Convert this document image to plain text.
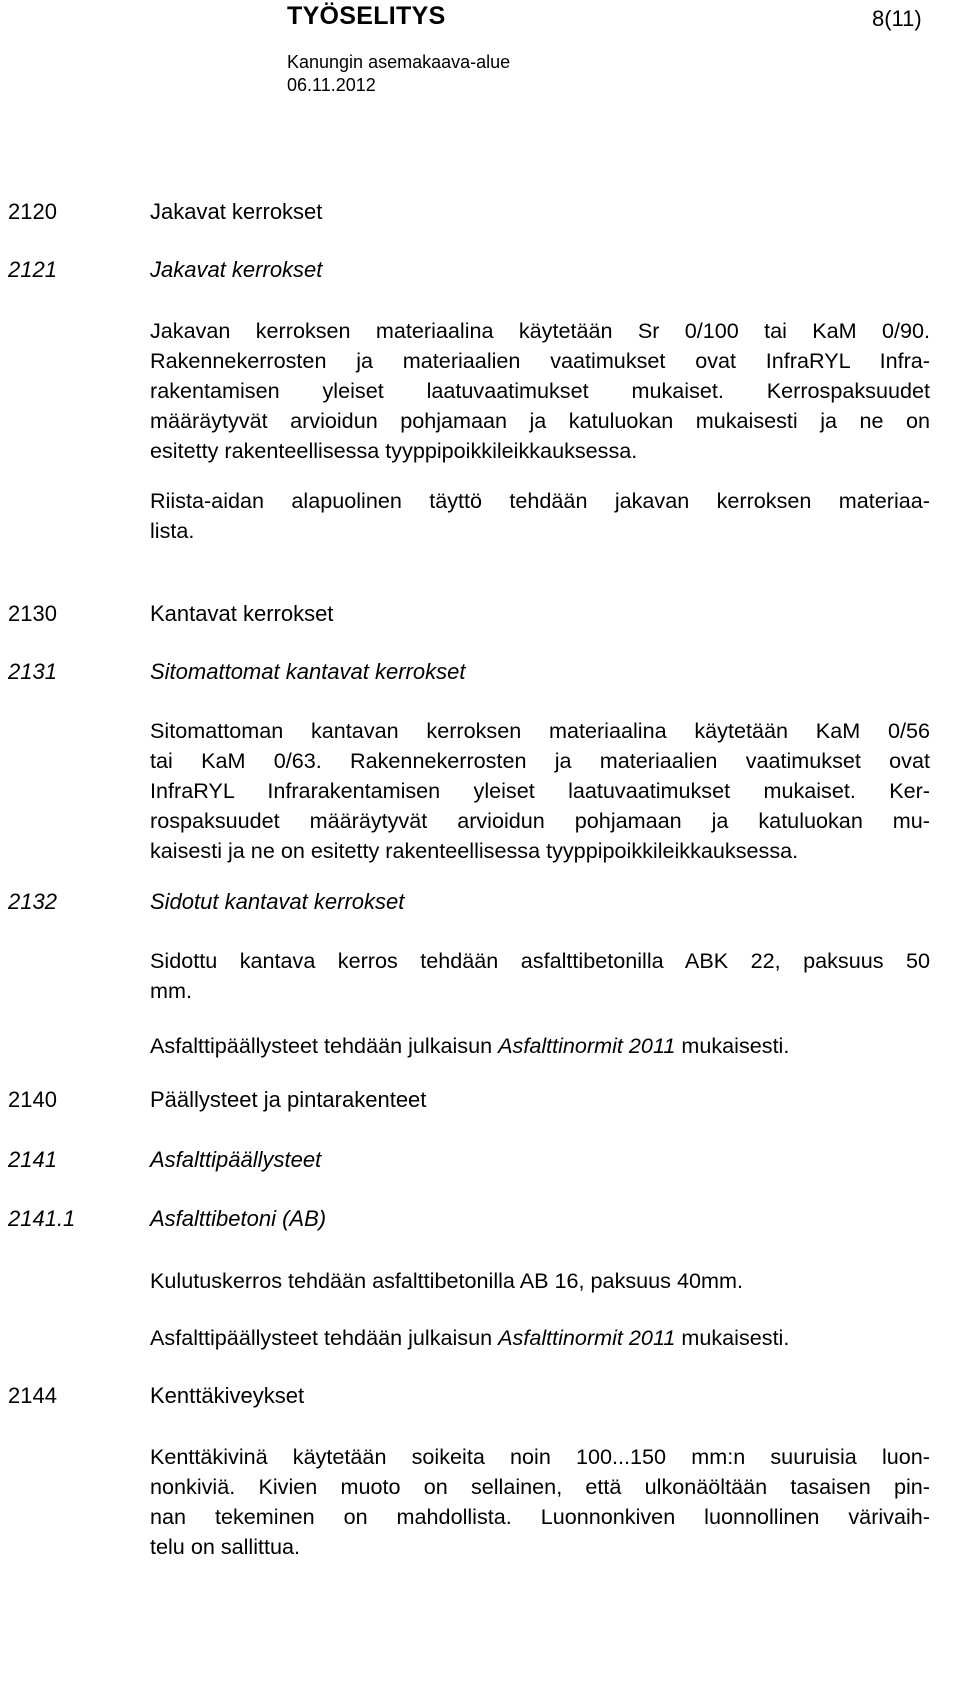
TYÖSELITYS	8(11)
Kanungin asemakaava-alue
06.11.2012
2120	Jakavat kerrokset
2121	Jakavat kerrokset
Jakavan kerroksen materiaalina käytetään Sr 0/100 tai KaM 0/90.
Rakennekerrosten ja materiaalien vaatimukset ovat InfraRYL Infra-
rakentamisen yleiset laatuvaatimukset mukaiset. Kerrospaksuudet
määräytyvät arvioidun pohjamaan ja katuluokan mukaisesti ja ne on
esitetty rakenteellisessa tyyppipoikkileikkauksessa.
Riista-aidan alapuolinen täyttö tehdään jakavan kerroksen materiaa-
lista.
2130	Kantavat kerrokset
2131	Sitomattomat kantavat kerrokset
Sitomattoman kantavan kerroksen materiaalina käytetään KaM 0/56
tai KaM 0/63. Rakennekerrosten ja materiaalien vaatimukset ovat
InfraRYL Infrarakentamisen yleiset laatuvaatimukset mukaiset. Ker-
rospaksuudet määräytyvät arvioidun pohjamaan ja katuluokan mu-
kaisesti ja ne on esitetty rakenteellisessa tyyppipoikkileikkauksessa.
2132	Sidotut kantavat kerrokset
Sidottu kantava kerros tehdään asfalttibetonilla ABK 22, paksuus 50
mm.
Asfalttipäällysteet tehdään julkaisun Asfalttinormit 2011 mukaisesti.
2140	Päällysteet ja pintarakenteet
2141	Asfalttipäällysteet
2141.1	Asfalttibetoni (AB)
Kulutuskerros tehdään asfalttibetonilla AB 16, paksuus 40mm.
Asfalttipäällysteet tehdään julkaisun Asfalttinormit 2011 mukaisesti.
2144	Kenttäkiveykset
Kenttäkivinä käytetään soikeita noin 100...150 mm:n suuruisia luon-
nonkiviä. Kivien muoto on sellainen, että ulkonäöltään tasaisen pin-
nan tekeminen on mahdollista. Luonnonkiven luonnollinen värivaih-
telu on sallittua.
